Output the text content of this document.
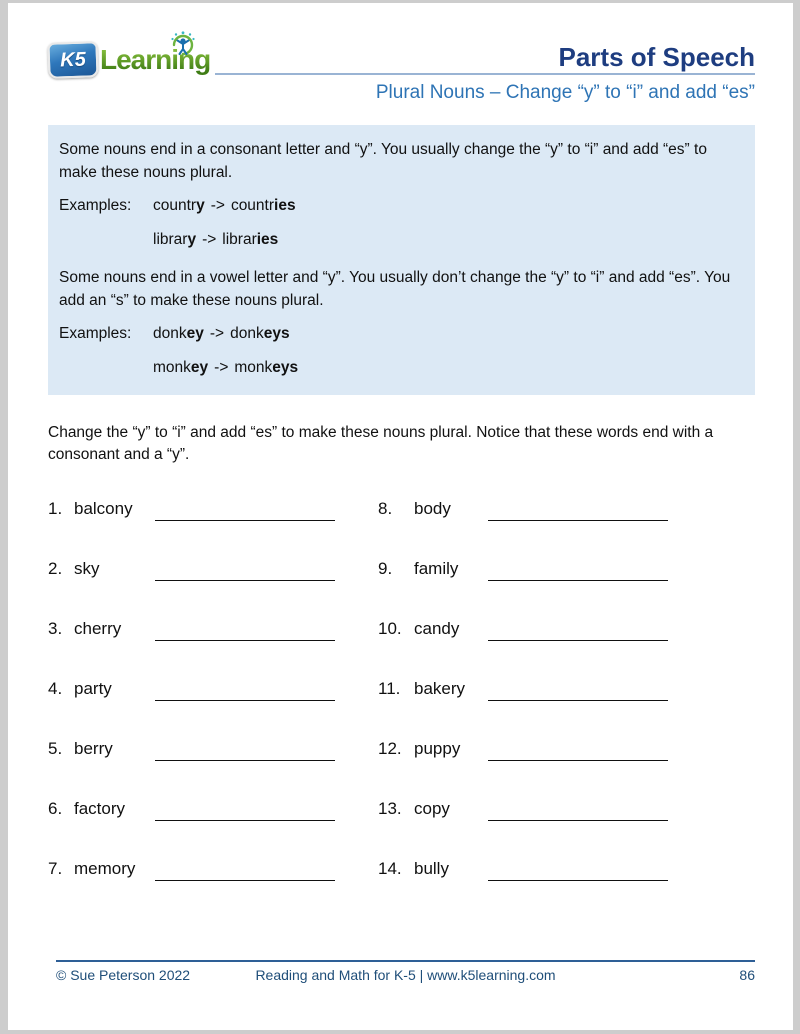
K5 Learning	Parts of Speech
Plural Nouns – Change “y” to “i” and add “es”

Some nouns end in a consonant letter and “y”. You usually change the “y” to “i” and add “es” to make these nouns plural.

Examples:	country -> countries
library -> libraries

Some nouns end in a vowel letter and “y”. You usually don’t change the “y” to “i” and add “es”. You add an “s” to make these nouns plural.

Examples:	donkey -> donkeys
monkey -> monkeys
Change the “y” to “i” and add “es” to make these nouns plural. Notice that these words end with a consonant and a “y”.
1. balcony
2. sky
3. cherry
4. party
5. berry
6. factory
7. memory
8.	body
9.	family
10. candy
11. bakery
12. puppy
13. copy
14. bully
© Sue Peterson 2022	Reading and Math for K-5 | www.k5learning.com	86
